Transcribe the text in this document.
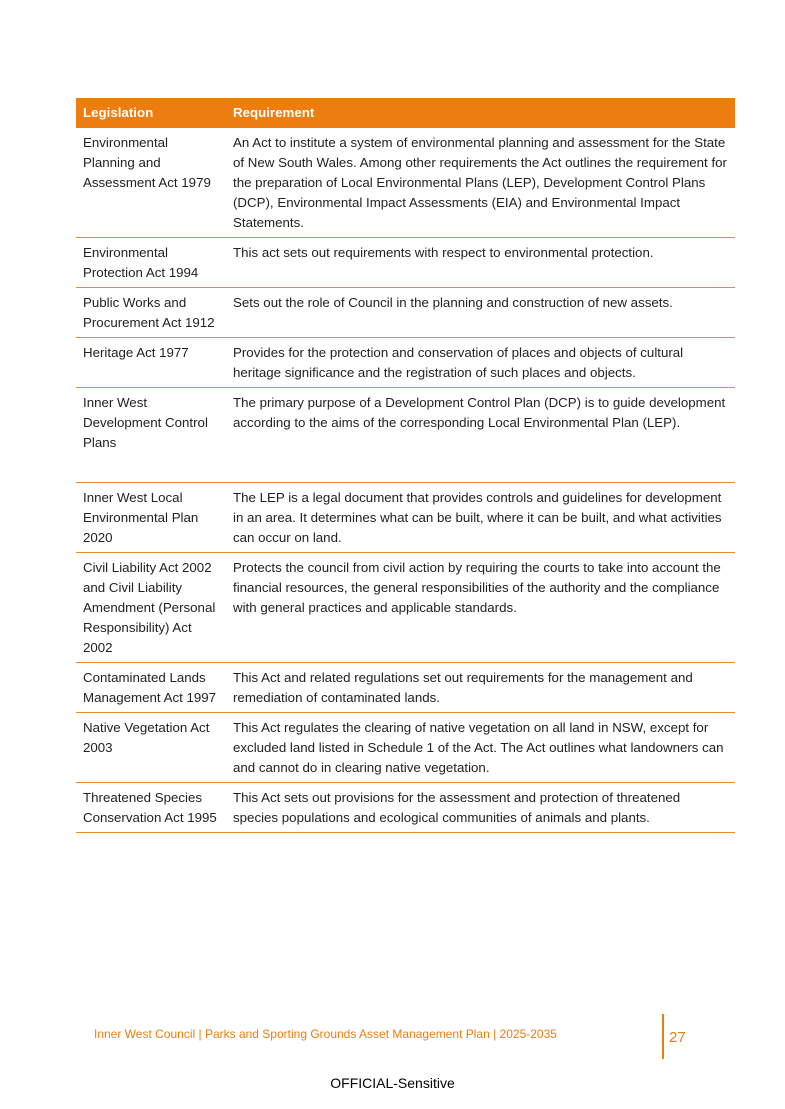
Legislation	Requirement
Environmental Planning and Assessment Act 1979	An Act to institute a system of environmental planning and assessment for the State of New South Wales. Among other requirements the Act outlines the requirement for the preparation of Local Environmental Plans (LEP), Development Control Plans (DCP), Environmental Impact Assessments (EIA) and Environmental Impact Statements.
Environmental Protection Act 1994	This act sets out requirements with respect to environmental protection.
Public Works and Procurement Act 1912	Sets out the role of Council in the planning and construction of new assets.
Heritage Act 1977	Provides for the protection and conservation of places and objects of cultural heritage significance and the registration of such places and objects.
Inner West Development Control Plans	The primary purpose of a Development Control Plan (DCP) is to guide development according to the aims of the corresponding Local Environmental Plan (LEP).
Inner West Local Environmental Plan 2020	The LEP is a legal document that provides controls and guidelines for development in an area. It determines what can be built, where it can be built, and what activities can occur on land.
Civil Liability Act 2002 and Civil Liability Amendment (Personal Responsibility) Act 2002	Protects the council from civil action by requiring the courts to take into account the financial resources, the general responsibilities of the authority and the compliance with general practices and applicable standards.
Contaminated Lands Management Act 1997	This Act and related regulations set out requirements for the management and remediation of contaminated lands.
Native Vegetation Act 2003	This Act regulates the clearing of native vegetation on all land in NSW, except for excluded land listed in Schedule 1 of the Act. The Act outlines what landowners can and cannot do in clearing native vegetation.
Threatened Species Conservation Act 1995	This Act sets out provisions for the assessment and protection of threatened species populations and ecological communities of animals and plants.
Inner West Council | Parks and Sporting Grounds Asset Management Plan | 2025-2035	27
OFFICIAL-Sensitive
